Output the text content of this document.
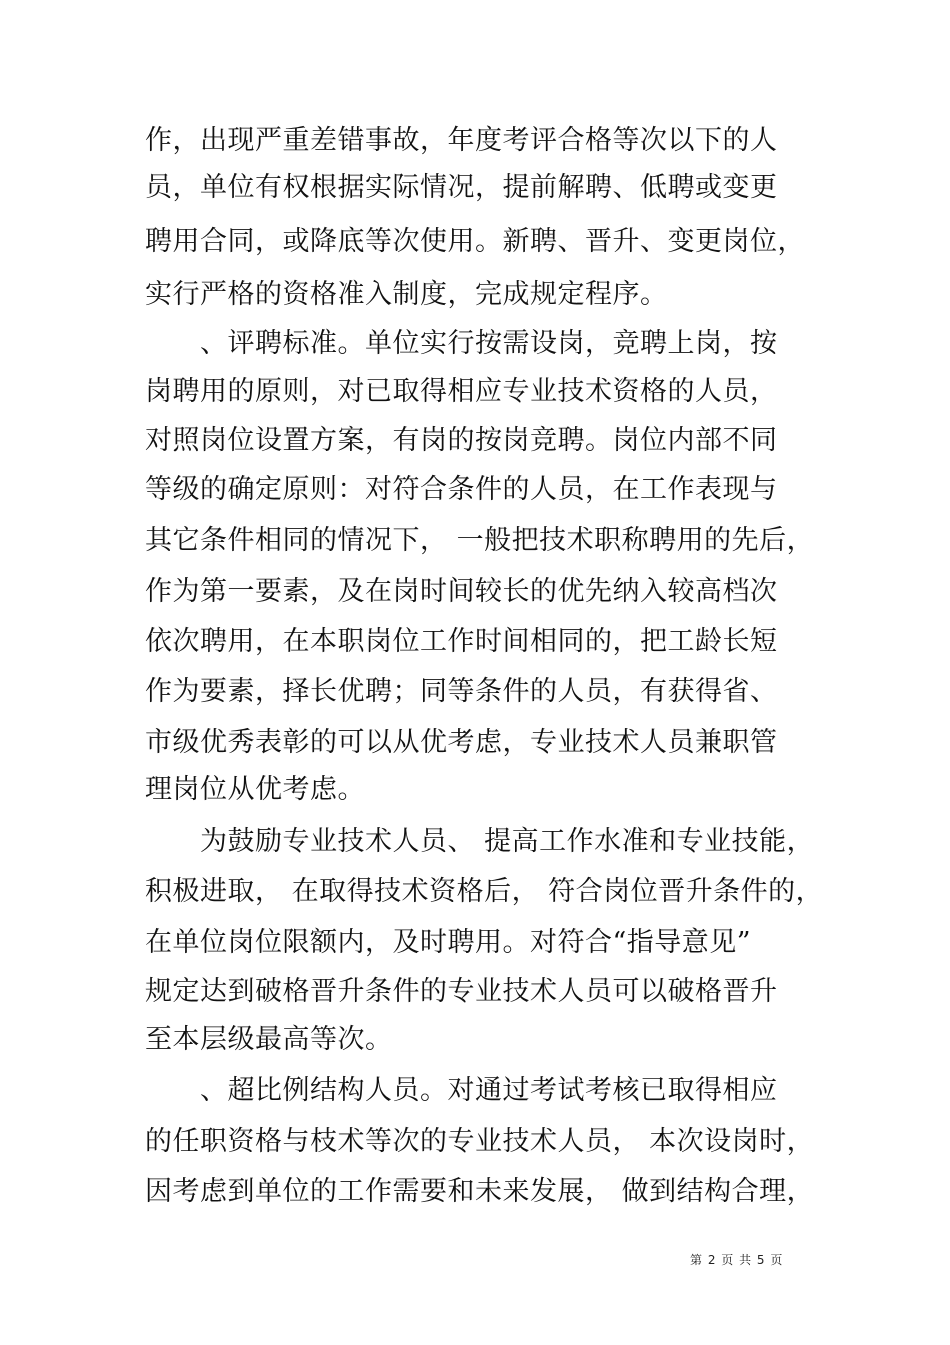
作，出现严重差错事故，年度考评合格等次以下的人
员，单位有权根据实际情况，提前解聘、低聘或变更
聘用合同，或降底等次使用。新聘、晋升、变更岗位，
实行严格的资格准入制度，完成规定程序。
、评聘标准。单位实行按需设岗，竞聘上岗，按
岗聘用的原则，对已取得相应专业技术资格的人员，
对照岗位设置方案，有岗的按岗竞聘。岗位内部不同
等级的确定原则：对符合条件的人员，在工作表现与
其它条件相同的情况下， 一般把技术职称聘用的先后，
作为第一要素，及在岗时间较长的优先纳入较高档次
依次聘用，在本职岗位工作时间相同的，把工龄长短
作为要素，择长优聘；同等条件的人员，有获得省、
市级优秀表彰的可以从优考虑，专业技术人员兼职管
理岗位从优考虑。
为鼓励专业技术人员、 提高工作水准和专业技能，
积极进取， 在取得技术资格后， 符合岗位晋升条件的，
在单位岗位限额内，及时聘用。对符合“指导意见”
规定达到破格晋升条件的专业技术人员可以破格晋升
至本层级最高等次。
、超比例结构人员。对通过考试考核已取得相应
的任职资格与枝术等次的专业技术人员， 本次设岗时，
因考虑到单位的工作需要和未来发展， 做到结构合理，
第 2 页 共 5 页
